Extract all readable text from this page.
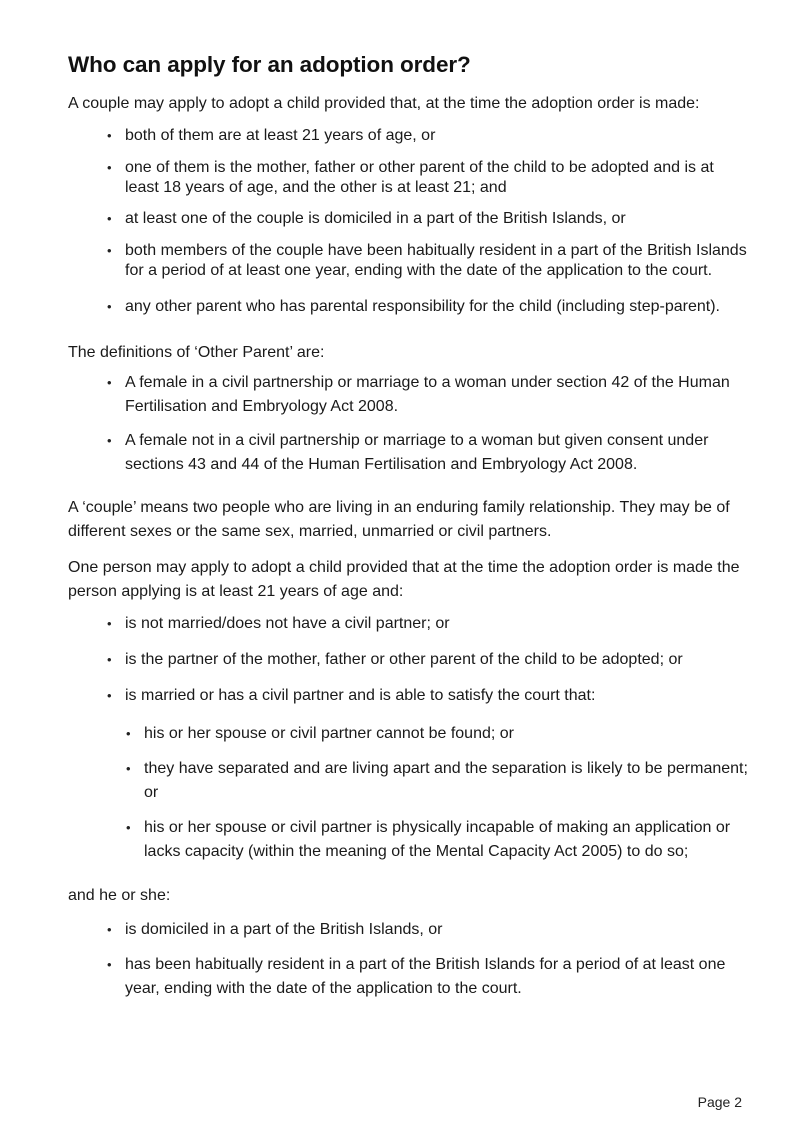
Who can apply for an adoption order?

A couple may apply to adopt a child provided that, at the time the adoption order is made:

• both of them are at least 21 years of age, or
• one of them is the mother, father or other parent of the child to be adopted and is at least 18 years of age, and the other is at least 21; and
• at least one of the couple is domiciled in a part of the British Islands, or
• both members of the couple have been habitually resident in a part of the British Islands for a period of at least one year, ending with the date of the application to the court.
• any other parent who has parental responsibility for the child (including step-parent).

The definitions of ‘Other Parent’ are:

• A female in a civil partnership or marriage to a woman under section 42 of the Human Fertilisation and Embryology Act 2008.
• A female not in a civil partnership or marriage to a woman but given consent under sections 43 and 44 of the Human Fertilisation and Embryology Act 2008.

A ‘couple’ means two people who are living in an enduring family relationship. They may be of different sexes or the same sex, married, unmarried or civil partners.

One person may apply to adopt a child provided that at the time the adoption order is made the person applying is at least 21 years of age and:

• is not married/does not have a civil partner; or
• is the partner of the mother, father or other parent of the child to be adopted; or
• is married or has a civil partner and is able to satisfy the court that:
• his or her spouse or civil partner cannot be found; or
• they have separated and are living apart and the separation is likely to be permanent; or
• his or her spouse or civil partner is physically incapable of making an application or lacks capacity (within the meaning of the Mental Capacity Act 2005) to do so;

and he or she:

• is domiciled in a part of the British Islands, or
• has been habitually resident in a part of the British Islands for a period of at least one year, ending with the date of the application to the court.
Page 2
